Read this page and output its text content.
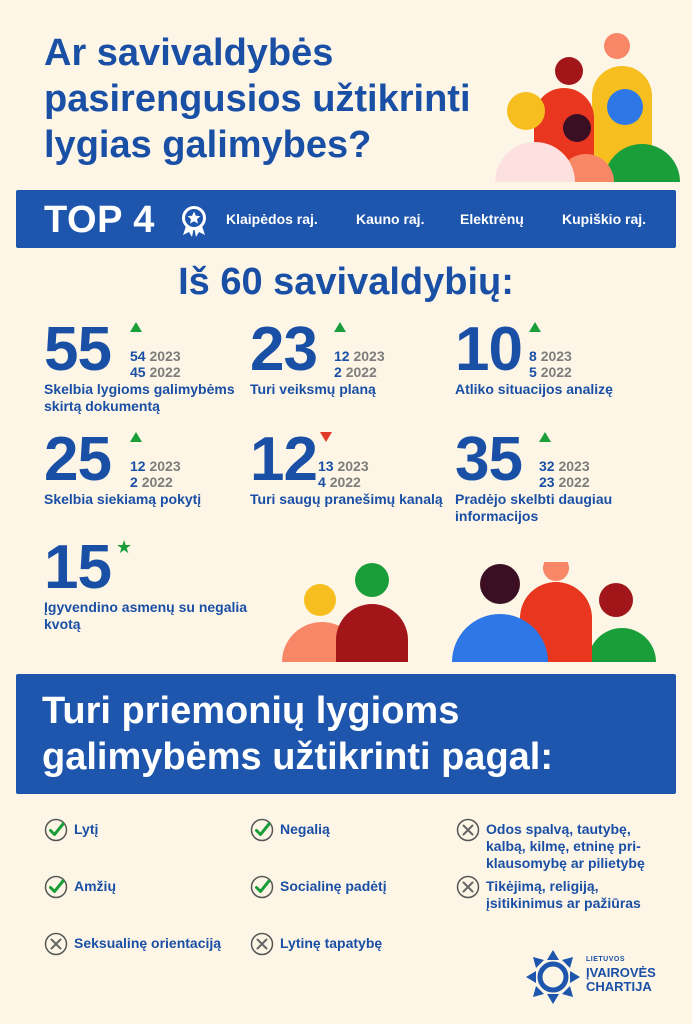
Ar savivaldybės pasirengusios užtikrinti lygias galimybes?
TOP 4	Klaipėdos raj.	Kauno raj.	Elektrėnų	Kupiškio raj.
Iš 60 savivaldybių:
55 54 2023
45 2022
Skelbia lygioms galimybėms skirtą dokumentą
23 12 2023
2 2022
Turi veiksmų planą
10 8 2023
5 2022
Atliko situacijos analizę
25 12 2023
2 2022
Skelbia siekiamą pokytį
12 13 2023
4 2022
Turi saugų pranešimų kanalą
35 32 2023
23 2022
Pradėjo skelbti daugiau informacijos
15 ★
Įgyvendino asmenų su negalia kvotą
Turi priemonių lygioms galimybėms užtikrinti pagal:
Lytį	Negalią	Odos spalvą, tautybę, kalbą, kilmę, etninę pri-klausomybę ar pilietybę
Amžių	Socialinę padėtį	Tikėjimą, religiją, įsitikinimus ar pažiūras
Seksualinę orientaciją	Lytinę tapatybę
LIETUVOS
ĮVAIROVĖS
CHARTIJA
